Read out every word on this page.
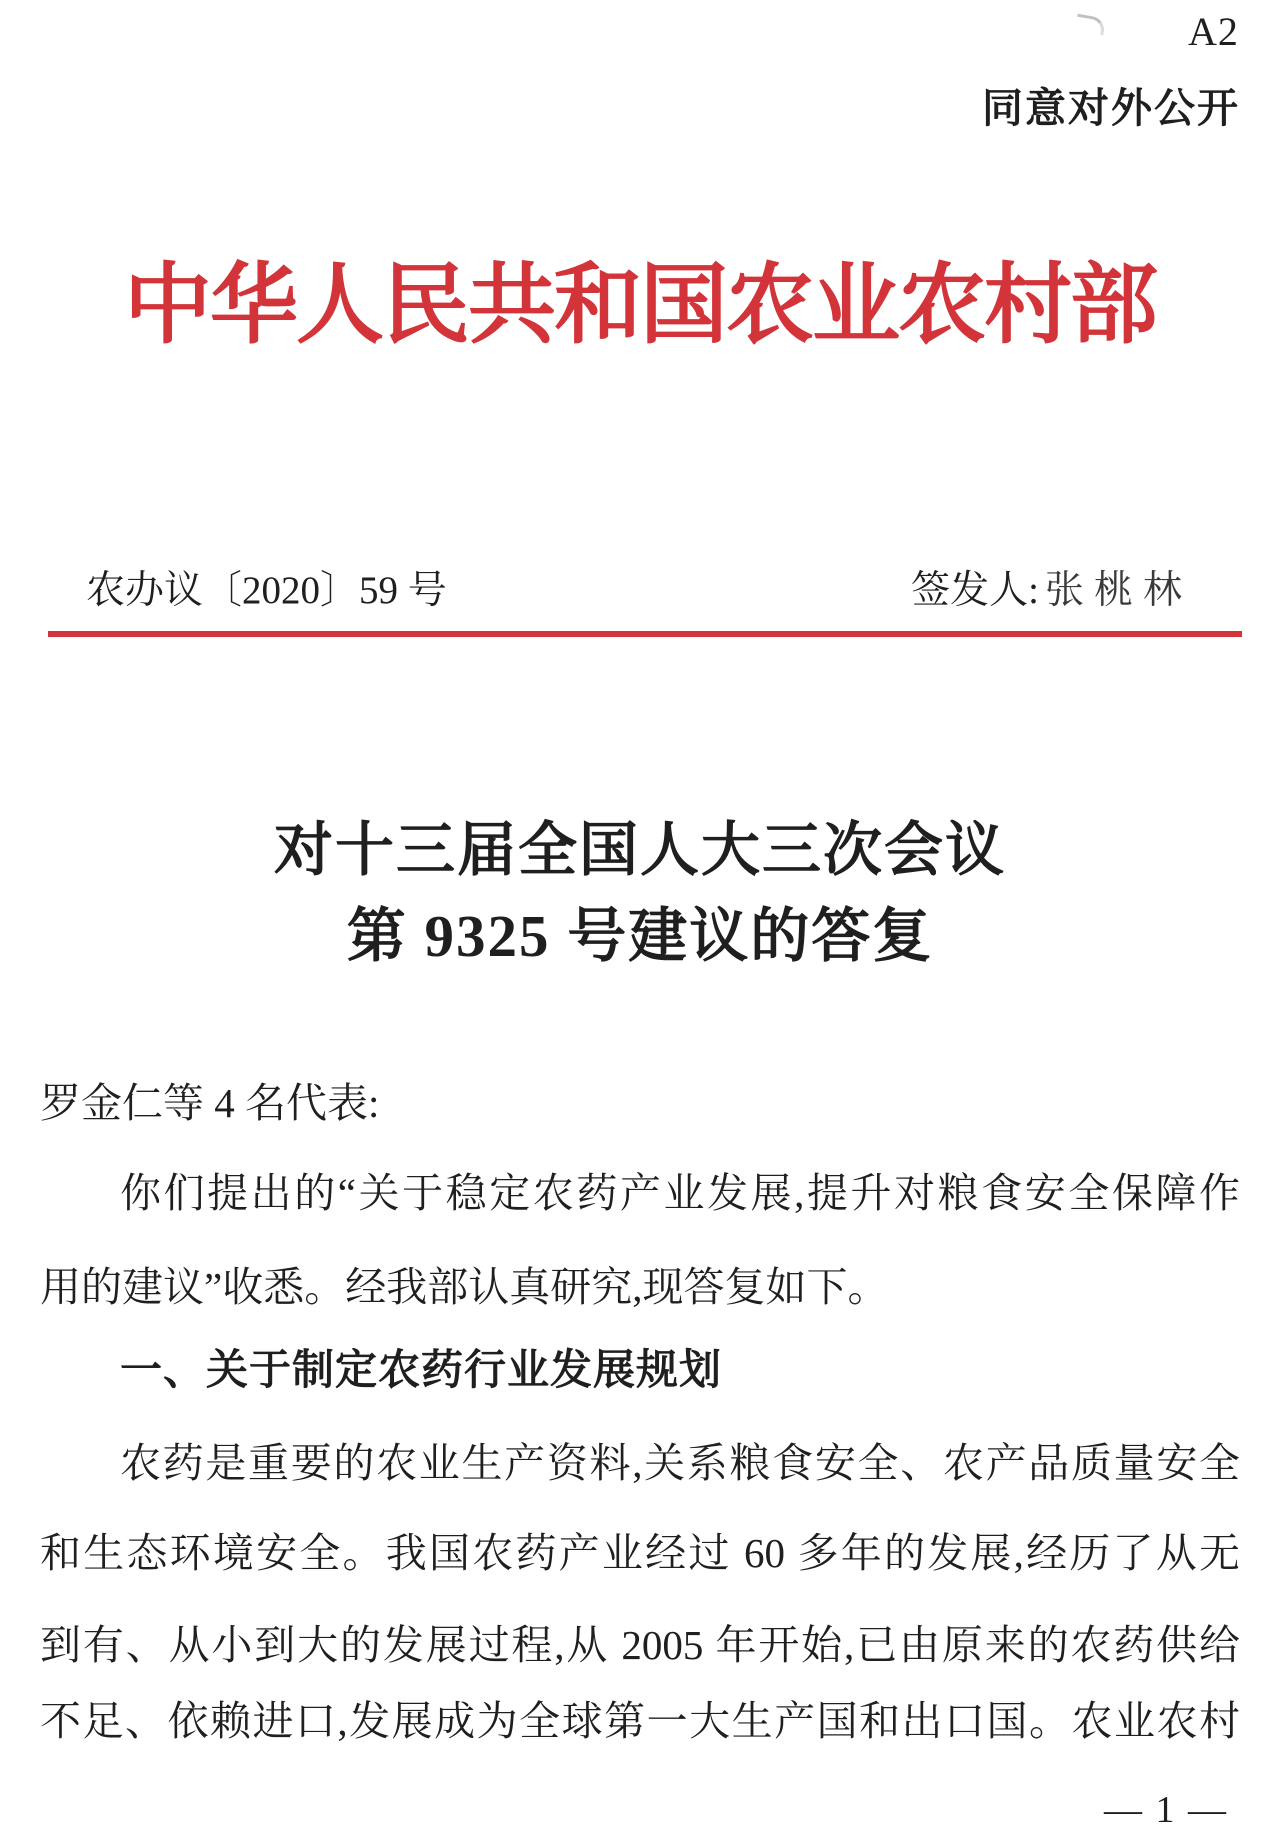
A2
同意对外公开
中华人民共和国农业农村部
农办议〔2020〕59 号	签发人: 张桃林
对十三届全国人大三次会议
第 9325 号建议的答复
罗金仁等 4 名代表:
你们提出的“关于稳定农药产业发展,提升对粮食安全保障作
用的建议”收悉。经我部认真研究,现答复如下。
一、关于制定农药行业发展规划
农药是重要的农业生产资料,关系粮食安全、农产品质量安全
和生态环境安全。我国农药产业经过 60 多年的发展,经历了从无
到有、从小到大的发展过程,从 2005 年开始,已由原来的农药供给
不足、依赖进口,发展成为全球第一大生产国和出口国。农业农村
— 1 —
